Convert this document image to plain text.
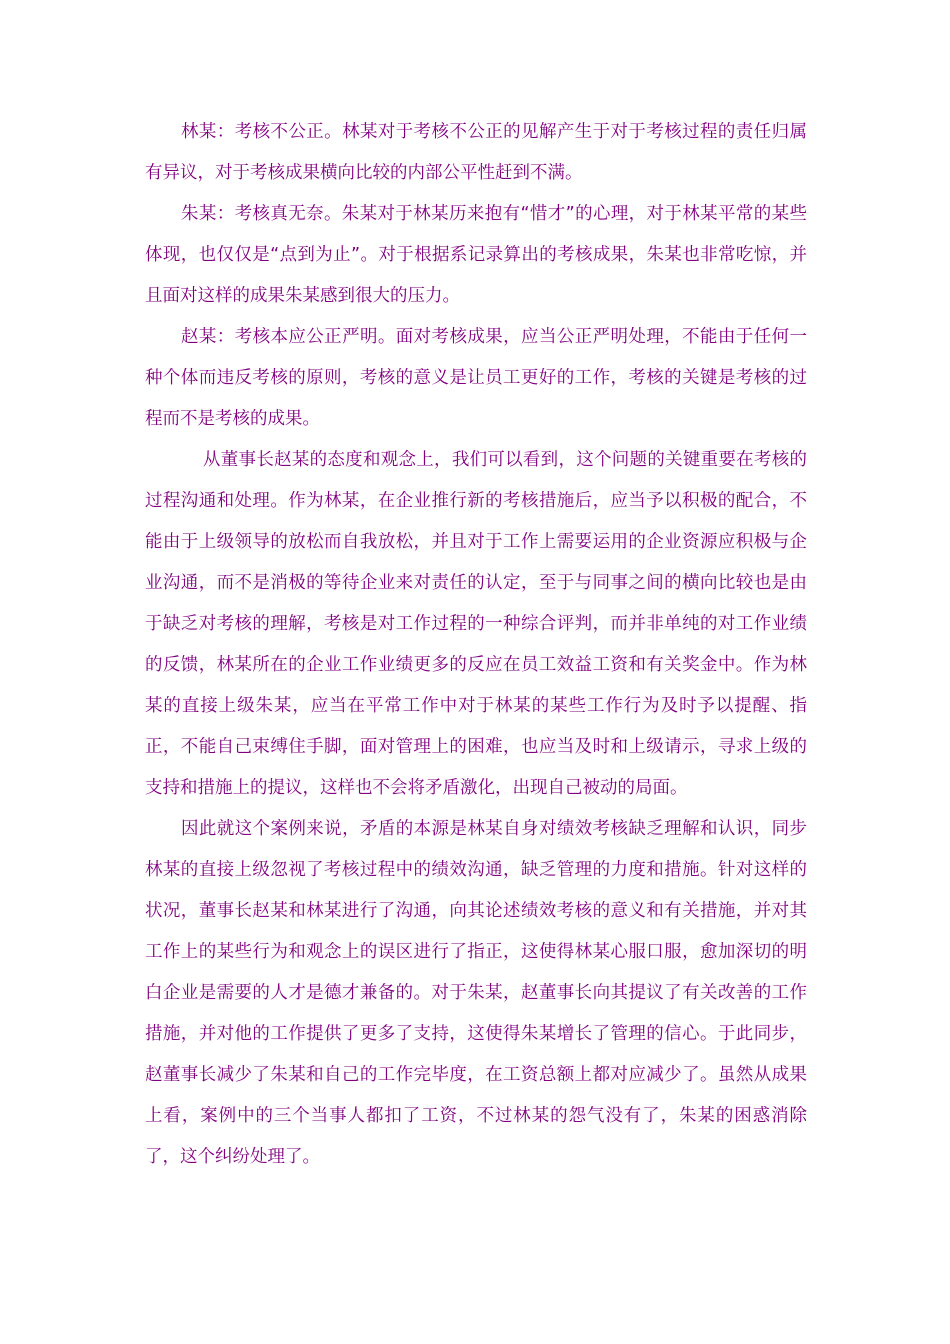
林某：考核不公正。林某对于考核不公正的见解产生于对于考核过程的责任归属有异议，对于考核成果横向比较的内部公平性赶到不满。

朱某：考核真无奈。朱某对于林某历来抱有“惜才”的心理，对于林某平常的某些体现，也仅仅是“点到为止”。对于根据系记录算出的考核成果，朱某也非常吃惊，并且面对这样的成果朱某感到很大的压力。

赵某：考核本应公正严明。面对考核成果，应当公正严明处理，不能由于任何一种个体而违反考核的原则，考核的意义是让员工更好的工作，考核的关键是考核的过程而不是考核的成果。

从董事长赵某的态度和观念上，我们可以看到，这个问题的关键重要在考核的过程沟通和处理。作为林某，在企业推行新的考核措施后，应当予以积极的配合，不能由于上级领导的放松而自我放松，并且对于工作上需要运用的企业资源应积极与企业沟通，而不是消极的等待企业来对责任的认定，至于与同事之间的横向比较也是由于缺乏对考核的理解，考核是对工作过程的一种综合评判，而并非单纯的对工作业绩的反馈，林某所在的企业工作业绩更多的反应在员工效益工资和有关奖金中。作为林某的直接上级朱某，应当在平常工作中对于林某的某些工作行为及时予以提醒、指正，不能自己束缚住手脚，面对管理上的困难，也应当及时和上级请示，寻求上级的支持和措施上的提议，这样也不会将矛盾激化，出现自己被动的局面。

因此就这个案例来说，矛盾的本源是林某自身对绩效考核缺乏理解和认识，同步林某的直接上级忽视了考核过程中的绩效沟通，缺乏管理的力度和措施。针对这样的状况，董事长赵某和林某进行了沟通，向其论述绩效考核的意义和有关措施，并对其工作上的某些行为和观念上的误区进行了指正，这使得林某心服口服，愈加深切的明白企业是需要的人才是德才兼备的。对于朱某，赵董事长向其提议了有关改善的工作措施，并对他的工作提供了更多了支持，这使得朱某增长了管理的信心。于此同步，赵董事长减少了朱某和自己的工作完毕度，在工资总额上都对应减少了。虽然从成果上看，案例中的三个当事人都扣了工资，不过林某的怨气没有了，朱某的困惑消除了，这个纠纷处理了。
